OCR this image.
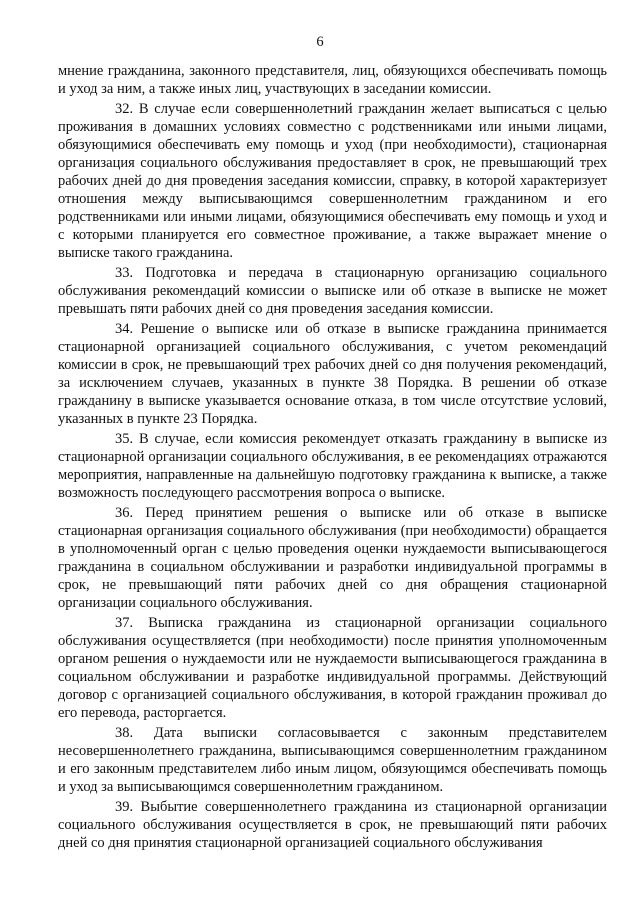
6

мнение гражданина, законного представителя, лиц, обязующихся обеспечивать помощь и уход за ним, а также иных лиц, участвующих в заседании комиссии.

32. В случае если совершеннолетний гражданин желает выписаться с целью проживания в домашних условиях совместно с родственниками или иными лицами, обязующимися обеспечивать ему помощь и уход (при необходимости), стационарная организация социального обслуживания предоставляет в срок, не превышающий трех рабочих дней до дня проведения заседания комиссии, справку, в которой характеризует отношения между выписывающимся совершеннолетним гражданином и его родственниками или иными лицами, обязующимися обеспечивать ему помощь и уход и с которыми планируется его совместное проживание, а также выражает мнение о выписке такого гражданина.

33. Подготовка и передача в стационарную организацию социального обслуживания рекомендаций комиссии о выписке или об отказе в выписке не может превышать пяти рабочих дней со дня проведения заседания комиссии.

34. Решение о выписке или об отказе в выписке гражданина принимается стационарной организацией социального обслуживания, с учетом рекомендаций комиссии в срок, не превышающий трех рабочих дней со дня получения рекомендаций, за исключением случаев, указанных в пункте 38 Порядка. В решении об отказе гражданину в выписке указывается основание отказа, в том числе отсутствие условий, указанных в пункте 23 Порядка.

35. В случае, если комиссия рекомендует отказать гражданину в выписке из стационарной организации социального обслуживания, в ее рекомендациях отражаются мероприятия, направленные на дальнейшую подготовку гражданина к выписке, а также возможность последующего рассмотрения вопроса о выписке.

36. Перед принятием решения о выписке или об отказе в выписке стационарная организация социального обслуживания (при необходимости) обращается в уполномоченный орган с целью проведения оценки нуждаемости выписывающегося гражданина в социальном обслуживании и разработки индивидуальной программы в срок, не превышающий пяти рабочих дней со дня обращения стационарной организации социального обслуживания.

37. Выписка гражданина из стационарной организации социального обслуживания осуществляется (при необходимости) после принятия уполномоченным органом решения о нуждаемости или не нуждаемости выписывающегося гражданина в социальном обслуживании и разработке индивидуальной программы. Действующий договор с организацией социального обслуживания, в которой гражданин проживал до его перевода, расторгается.

38. Дата выписки согласовывается с законным представителем несовершеннолетнего гражданина, выписывающимся совершеннолетним гражданином и его законным представителем либо иным лицом, обязующимся обеспечивать помощь и уход за выписывающимся совершеннолетним гражданином.

39. Выбытие совершеннолетнего гражданина из стационарной организации социального обслуживания осуществляется в срок, не превышающий пяти рабочих дней со дня принятия стационарной организацией социального обслуживания
